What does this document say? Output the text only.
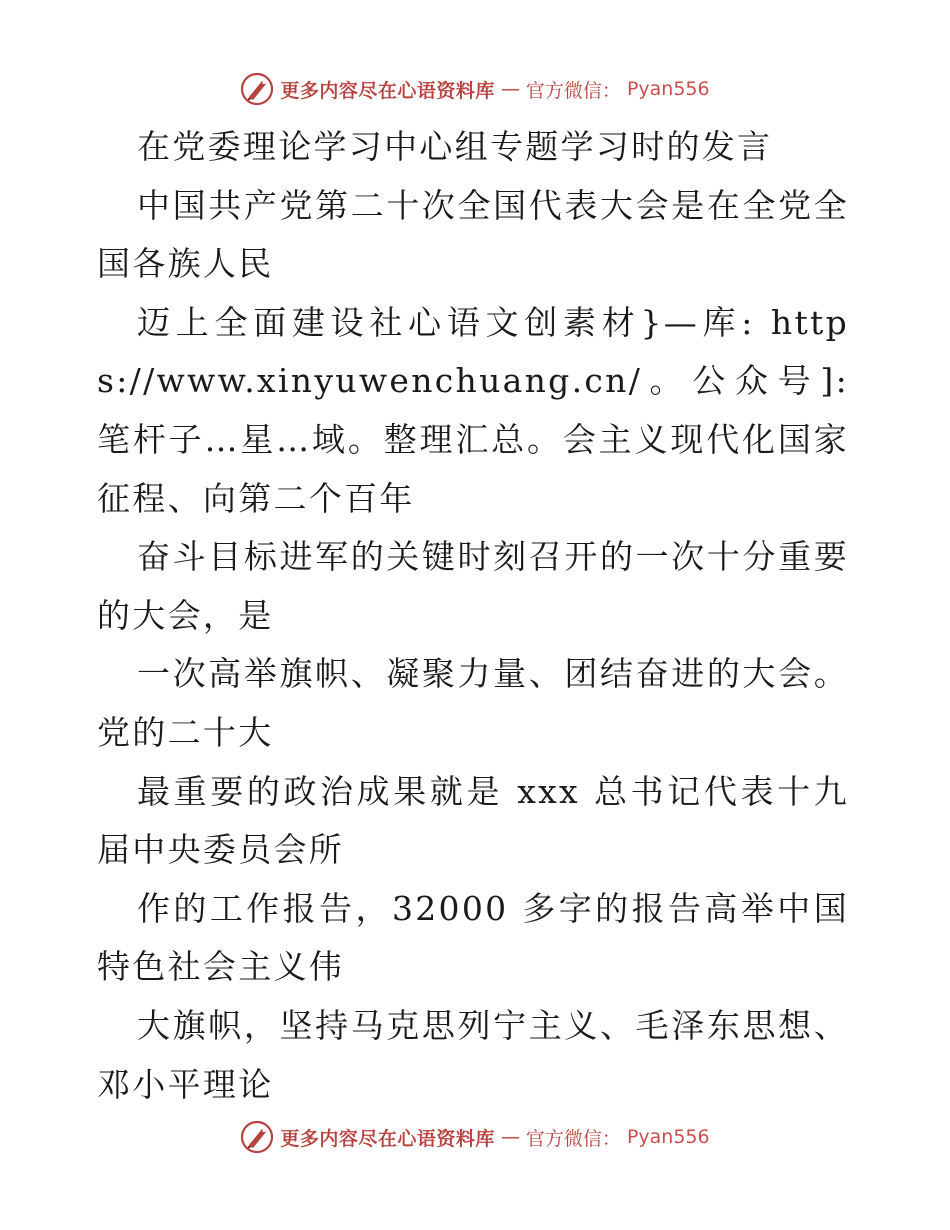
更多内容尽在心语资料库 — 官方微信： Pyan556

在党委理论学习中心组专题学习时的发言

中国共产党第二十次全国代表大会是在全党全国各族人民

迈上全面建设社心语文创素材}—库: https://www.xinyuwenchuang.cn/。公众号]: 笔杆子…星…域。整理汇总。会主义现代化国家征程、向第二个百年

奋斗目标进军的关键时刻召开的一次十分重要的大会，是

一次高举旗帜、凝聚力量、团结奋进的大会。党的二十大

最重要的政治成果就是 xxx 总书记代表十九届中央委员会所

作的工作报告，32000 多字的报告高举中国特色社会主义伟

大旗帜，坚持马克思列宁主义、毛泽东思想、邓小平理论

更多内容尽在心语资料库 — 官方微信： Pyan556
